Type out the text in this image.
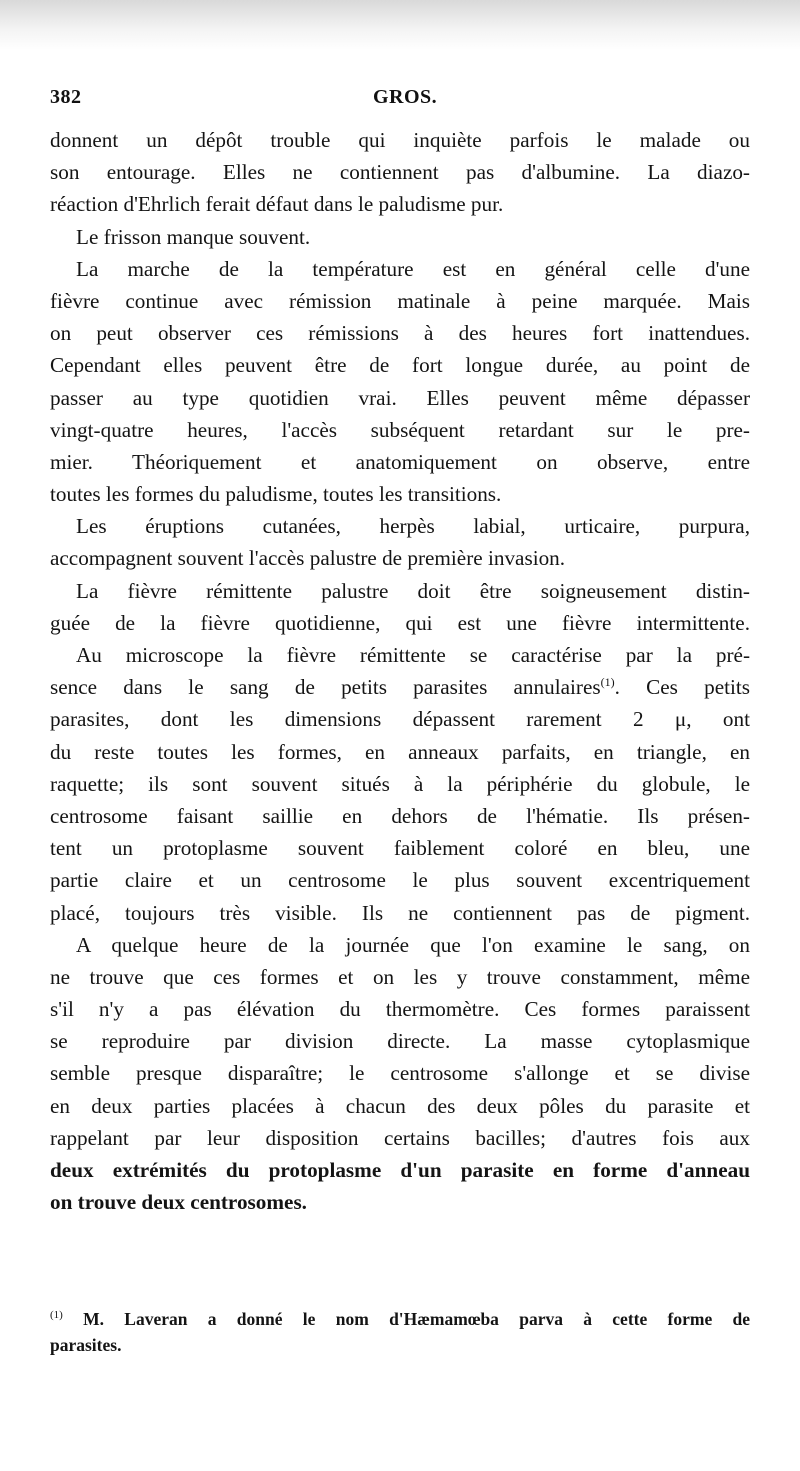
382	GROS.
donnent un dépôt trouble qui inquiète parfois le malade ou
son entourage. Elles ne contiennent pas d'albumine. La diazo-
réaction d'Ehrlich ferait défaut dans le paludisme pur.
Le frisson manque souvent.
La marche de la température est en général celle d'une
fièvre continue avec rémission matinale à peine marquée. Mais
on peut observer ces rémissions à des heures fort inattendues.
Cependant elles peuvent être de fort longue durée, au point de
passer au type quotidien vrai. Elles peuvent même dépasser
vingt-quatre heures, l'accès subséquent retardant sur le pre-
mier. Théoriquement et anatomiquement on observe, entre
toutes les formes du paludisme, toutes les transitions.
Les éruptions cutanées, herpès labial, urticaire, purpura,
accompagnent souvent l'accès palustre de première invasion.
La fièvre rémittente palustre doit être soigneusement distin-
guée de la fièvre quotidienne, qui est une fièvre intermittente.
Au microscope la fièvre rémittente se caractérise par la pré-
sence dans le sang de petits parasites annulaires$^{(1)}$. Ces petits
parasites, dont les dimensions dépassent rarement 2 μ, ont
du reste toutes les formes, en anneaux parfaits, en triangle, en
raquette; ils sont souvent situés à la périphérie du globule, le
centrosome faisant saillie en dehors de l'hématie. Ils présen-
tent un protoplasme souvent faiblement coloré en bleu, une
partie claire et un centrosome le plus souvent excentriquement
placé, toujours très visible. Ils ne contiennent pas de pigment.
A quelque heure de la journée que l'on examine le sang, on
ne trouve que ces formes et on les y trouve constamment, même
s'il n'y a pas élévation du thermomètre. Ces formes paraissent
se reproduire par division directe. La masse cytoplasmique
semble presque disparaître; le centrosome s'allonge et se divise
en deux parties placées à chacun des deux pôles du parasite et
rappelant par leur disposition certains bacilles; d'autres fois aux
deux extrémités du protoplasme d'un parasite en forme d'anneau
on trouve deux centrosomes.
$^{(1)}$ M. Laveran a donné le nom d'Hæmamœba parva à cette forme de
parasites.
